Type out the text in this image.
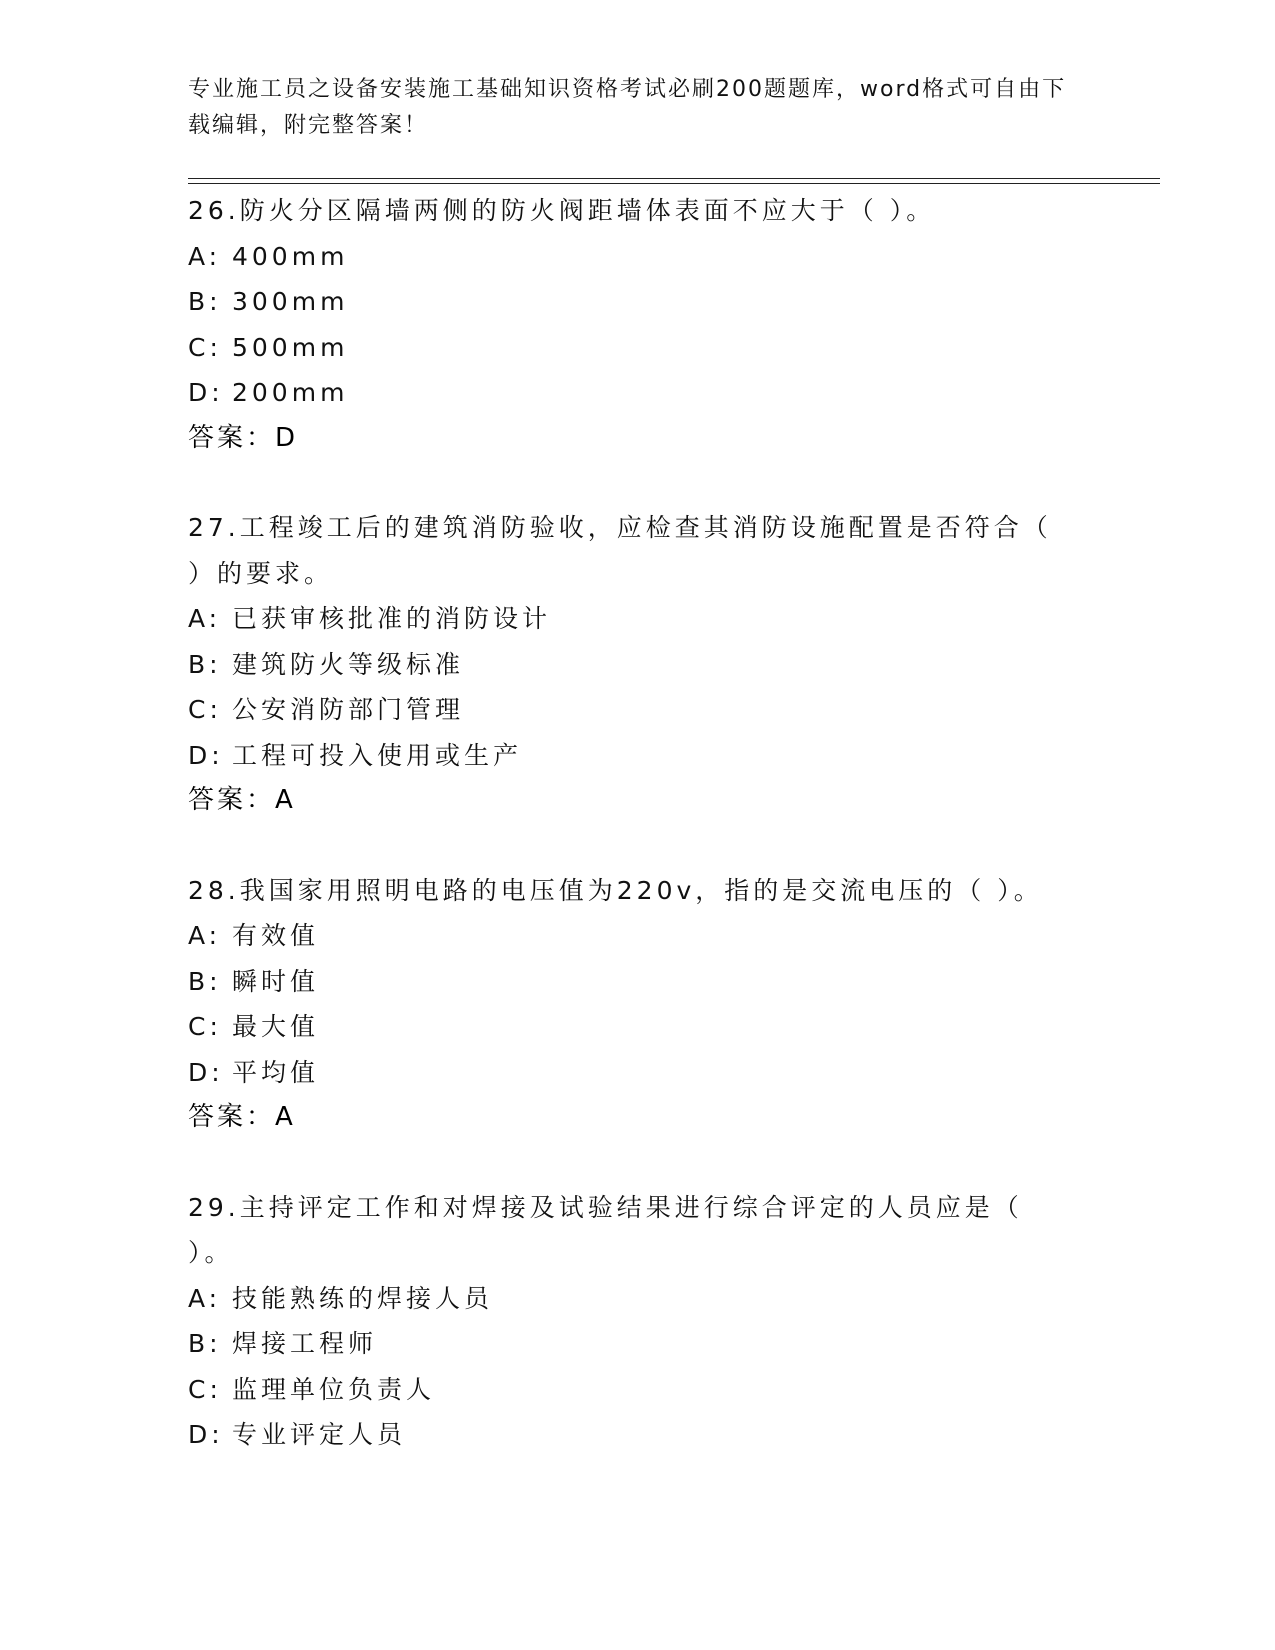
专业施工员之设备安装施工基础知识资格考试必刷200题题库，word格式可自由下载编辑，附完整答案！
26.防火分区隔墙两侧的防火阀距墙体表面不应大于（ ）。
A: 400mm
B: 300mm
C: 500mm
D: 200mm
答案：D
27.工程竣工后的建筑消防验收，应检查其消防设施配置是否符合（ ）的要求。
A: 已获审核批准的消防设计
B: 建筑防火等级标准
C: 公安消防部门管理
D: 工程可投入使用或生产
答案：A
28.我国家用照明电路的电压值为220v，指的是交流电压的（ ）。
A: 有效值
B: 瞬时值
C: 最大值
D: 平均值
答案：A
29.主持评定工作和对焊接及试验结果进行综合评定的人员应是（ ）。
A: 技能熟练的焊接人员
B: 焊接工程师
C: 监理单位负责人
D: 专业评定人员
